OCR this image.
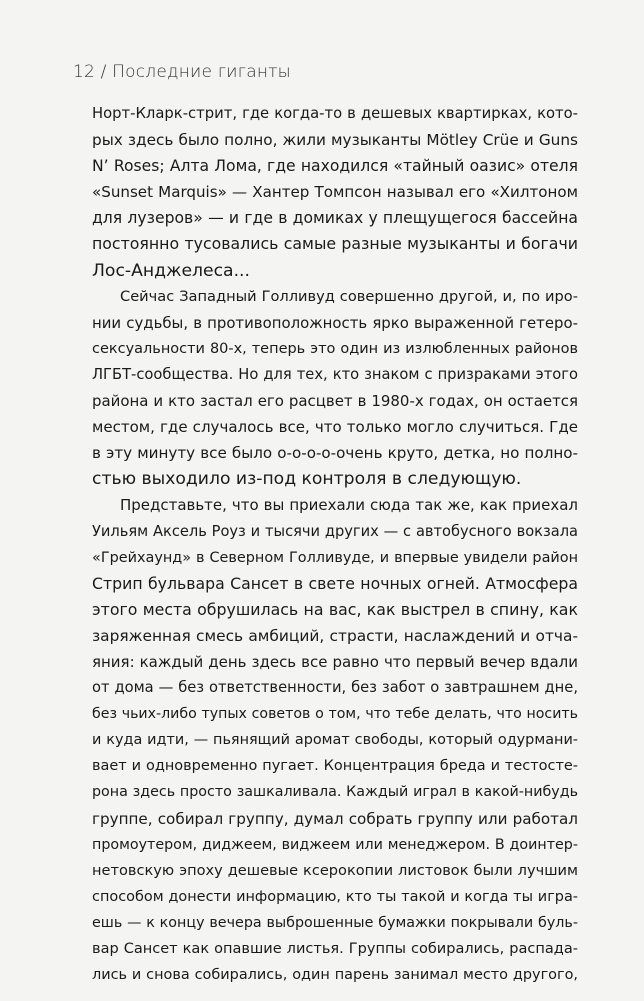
12 / Последние гиганты
Норт-Кларк-стрит, где когда-то в дешевых квартирках, кото-
рых здесь было полно, жили музыканты Mötley Crüe и Guns
N’ Roses; Алта Лома, где находился «тайный оазис» отеля
«Sunset Marquis» — Хантер Томпсон называл его «Хилтоном
для лузеров» — и где в домиках у плещущегося бассейна
постоянно тусовались самые разные музыканты и богачи
Лос-Анджелеса...
Сейчас Западный Голливуд совершенно другой, и, по иро-
нии судьбы, в противоположность ярко выраженной гетеро-
сексуальности 80-х, теперь это один из излюбленных районов
ЛГБТ-сообщества. Но для тех, кто знаком с призраками этого
района и кто застал его расцвет в 1980-х годах, он остается
местом, где случалось все, что только могло случиться. Где
в эту минуту все было о-о-о-о-очень круто, детка, но полно-
стью выходило из-под контроля в следующую.
Представьте, что вы приехали сюда так же, как приехал
Уильям Аксель Роуз и тысячи других — с автобусного вокзала
«Грейхаунд» в Северном Голливуде, и впервые увидели район
Стрип бульвара Сансет в свете ночных огней. Атмосфера
этого места обрушилась на вас, как выстрел в спину, как
заряженная смесь амбиций, страсти, наслаждений и отча-
яния: каждый день здесь все равно что первый вечер вдали
от дома — без ответственности, без забот о завтрашнем дне,
без чьих-либо тупых советов о том, что тебе делать, что носить
и куда идти, — пьянящий аромат свободы, который одурмани-
вает и одновременно пугает. Концентрация бреда и тестосте-
рона здесь просто зашкаливала. Каждый играл в какой-нибудь
группе, собирал группу, думал собрать группу или работал
промоутером, диджеем, виджеем или менеджером. В доинтер-
нетовскую эпоху дешевые ксерокопии листовок были лучшим
способом донести информацию, кто ты такой и когда ты игра-
ешь — к концу вечера выброшенные бумажки покрывали буль-
вар Сансет как опавшие листья. Группы собирались, распада-
лись и снова собирались, один парень занимал место другого,
